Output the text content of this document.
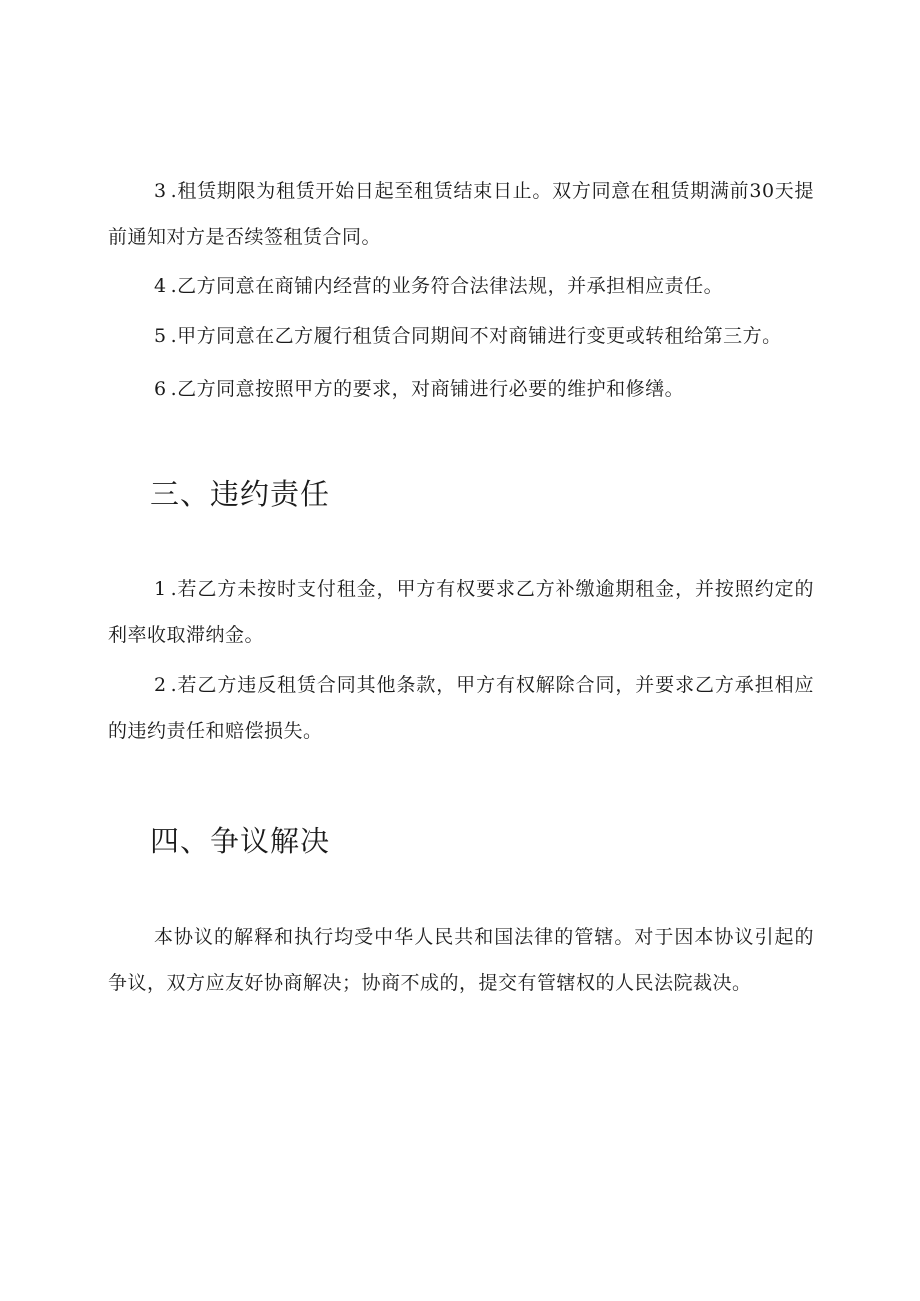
3 .租赁期限为租赁开始日起至租赁结束日止。双方同意在租赁期满前30天提前通知对方是否续签租赁合同。

4 .乙方同意在商铺内经营的业务符合法律法规，并承担相应责任。

5 .甲方同意在乙方履行租赁合同期间不对商铺进行变更或转租给第三方。

6 .乙方同意按照甲方的要求，对商铺进行必要的维护和修缮。

三、违约责任

1 .若乙方未按时支付租金，甲方有权要求乙方补缴逾期租金，并按照约定的利率收取滞纳金。

2 .若乙方违反租赁合同其他条款，甲方有权解除合同，并要求乙方承担相应的违约责任和赔偿损失。

四、争议解决

本协议的解释和执行均受中华人民共和国法律的管辖。对于因本协议引起的争议，双方应友好协商解决；协商不成的，提交有管辖权的人民法院裁决。
